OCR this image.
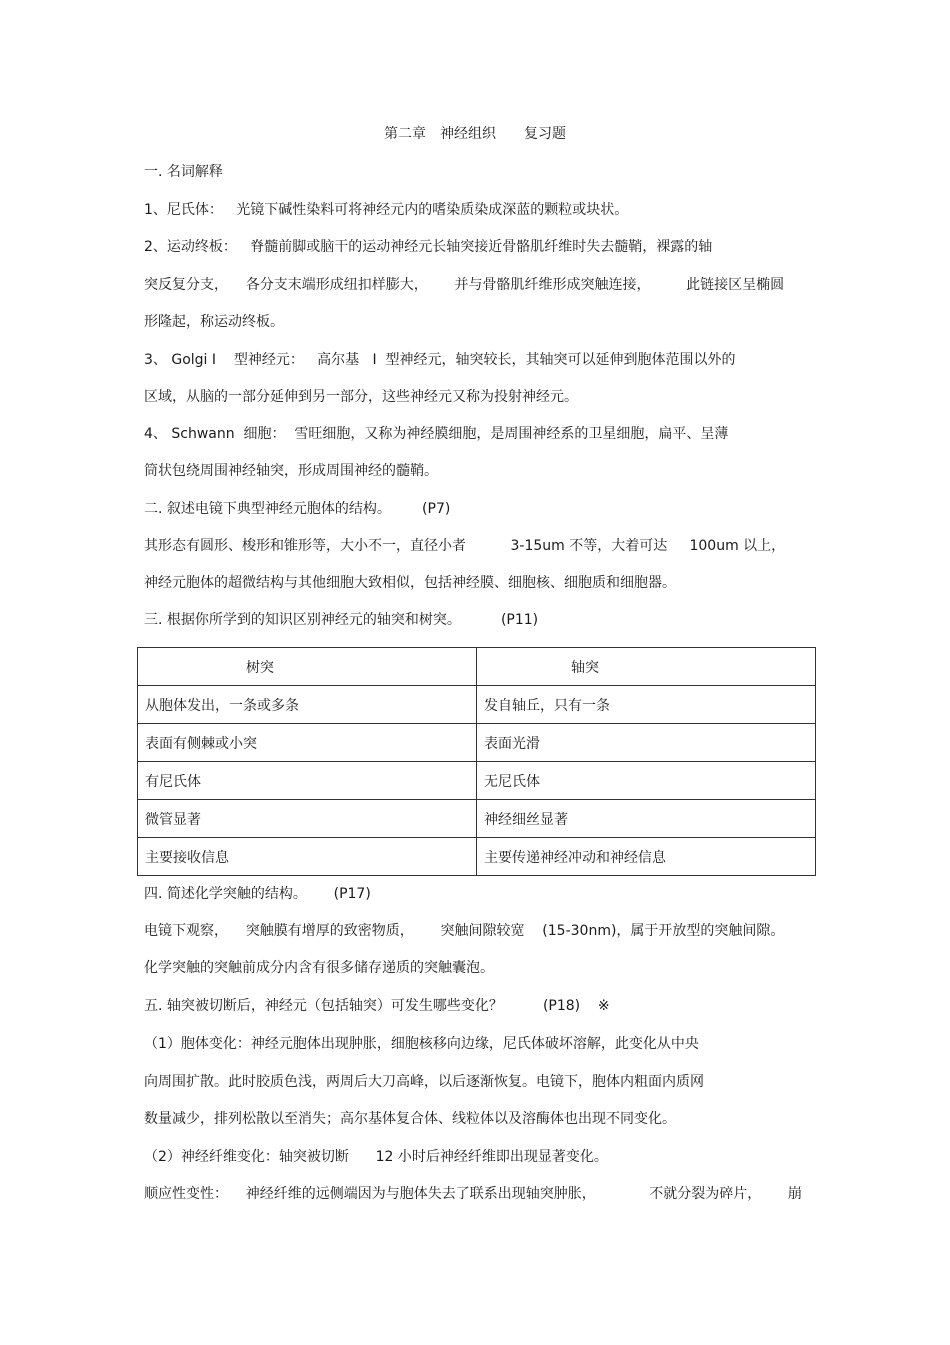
第二章　神经组织　　复习题
一. 名词解释
1、尼氏体：   光镜下碱性染料可将神经元内的嗜染质染成深蓝的颗粒或块状。
2、运动终板：   脊髓前脚或脑干的运动神经元长轴突接近骨骼肌纤维时失去髓鞘，裸露的轴
突反复分支，    各分支末端形成纽扣样膨大，      并与骨骼肌纤维形成突触连接，        此链接区呈椭圆
形隆起，称运动终板。
3、 Golgi I    型神经元：   高尔基   I  型神经元，轴突较长，其轴突可以延伸到胞体范围以外的
区域，从脑的一部分延伸到另一部分，这些神经元又称为投射神经元。
4、 Schwann  细胞：  雪旺细胞，又称为神经膜细胞，是周围神经系的卫星细胞，扁平、呈薄
筒状包绕周围神经轴突，形成周围神经的髓鞘。
二. 叙述电镜下典型神经元胞体的结构。       (P7)
其形态有圆形、梭形和锥形等，大小不一，直径小者          3-15um 不等，大着可达     100um 以上，
神经元胞体的超微结构与其他细胞大致相似，包括神经膜、细胞核、细胞质和细胞器。
三. 根据你所学到的知识区别神经元的轴突和树突。         (P11)
树突	轴突
从胞体发出，一条或多条	发自轴丘，只有一条
表面有侧棘或小突	表面光滑
有尼氏体	无尼氏体
微管显著	神经细丝显著
主要接收信息	主要传递神经冲动和神经信息
四. 简述化学突触的结构。      (P17)
电镜下观察，    突触膜有增厚的致密物质，      突触间隙较宽    (15-30nm)，属于开放型的突触间隙。
化学突触的突触前成分内含有很多储存递质的突触囊泡。
五. 轴突被切断后，神经元（包括轴突）可发生哪些变化？         (P18)    ※
（1）胞体变化：神经元胞体出现肿胀，细胞核移向边缘，尼氏体破坏溶解，此变化从中央
向周围扩散。此时胶质色浅，两周后大刀高峰，以后逐渐恢复。电镜下，胞体内粗面内质网
数量减少，排列松散以至消失；高尔基体复合体、线粒体以及溶酶体也出现不同变化。
（2）神经纤维变化：轴突被切断      12 小时后神经纤维即出现显著变化。
顺应性变性：    神经纤维的远侧端因为与胞体失去了联系出现轴突肿胀，            不就分裂为碎片，      崩
